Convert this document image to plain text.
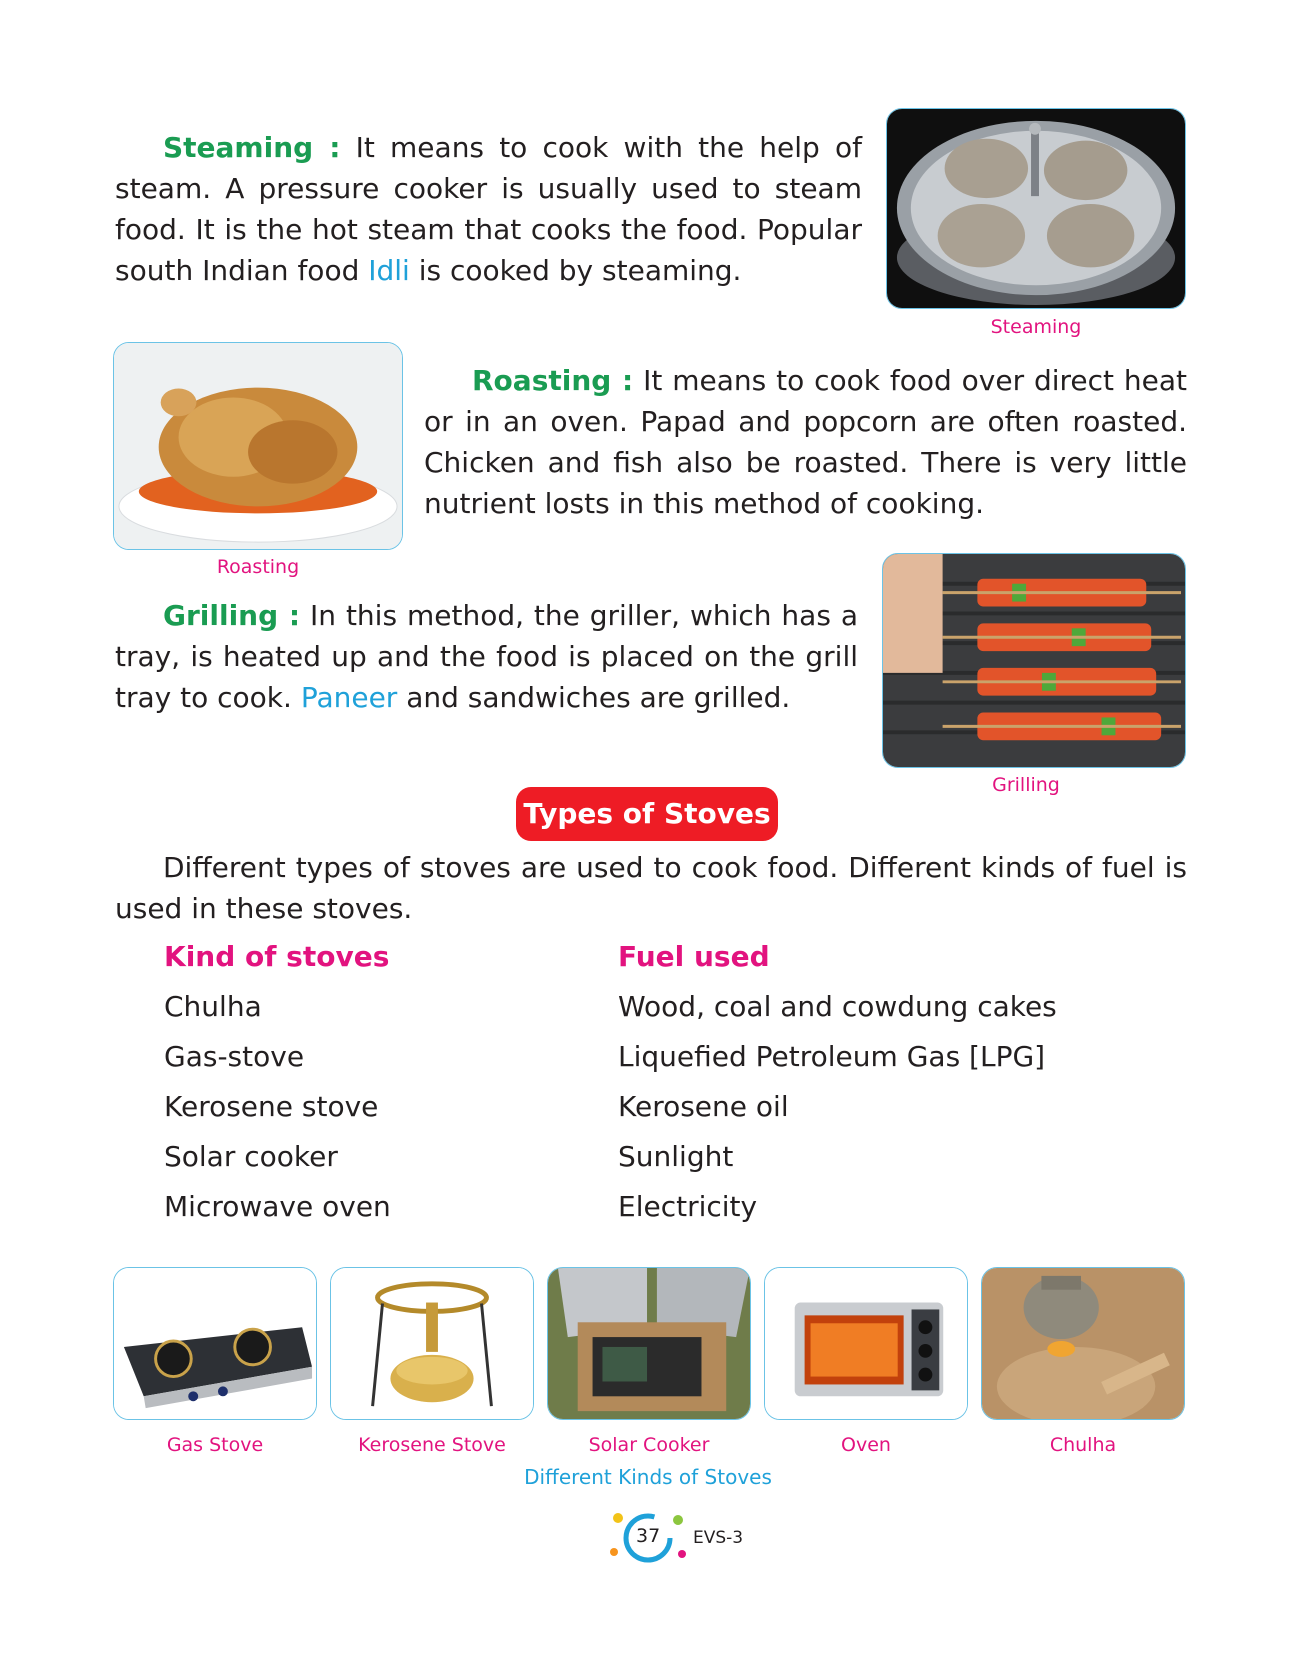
Steaming : It means to cook with the help of steam. A pressure cooker is usually used to steam food. It is the hot steam that cooks the food. Popular south Indian food Idli is cooked by steaming.

Steaming
Roasting

Roasting : It means to cook food over direct heat or in an oven. Papad and popcorn are often roasted. Chicken and fish also be roasted. There is very little nutrient losts in this method of cooking.

Grilling : In this method, the griller, which has a tray, is heated up and the food is placed on the grill tray to cook. Paneer and sandwiches are grilled.

Grilling
Types of Stoves

Different types of stoves are used to cook food. Different kinds of fuel is used in these stoves.

Kind of stoves	Fuel used
Chulha	Wood, coal and cowdung cakes
Gas-stove	Liquefied Petroleum Gas [LPG]
Kerosene stove	Kerosene oil
Solar cooker	Sunlight
Microwave oven	Electricity
Gas Stove	Kerosene Stove	Solar Cooker	Oven	Chulha
Different Kinds of Stoves
37 EVS-3
